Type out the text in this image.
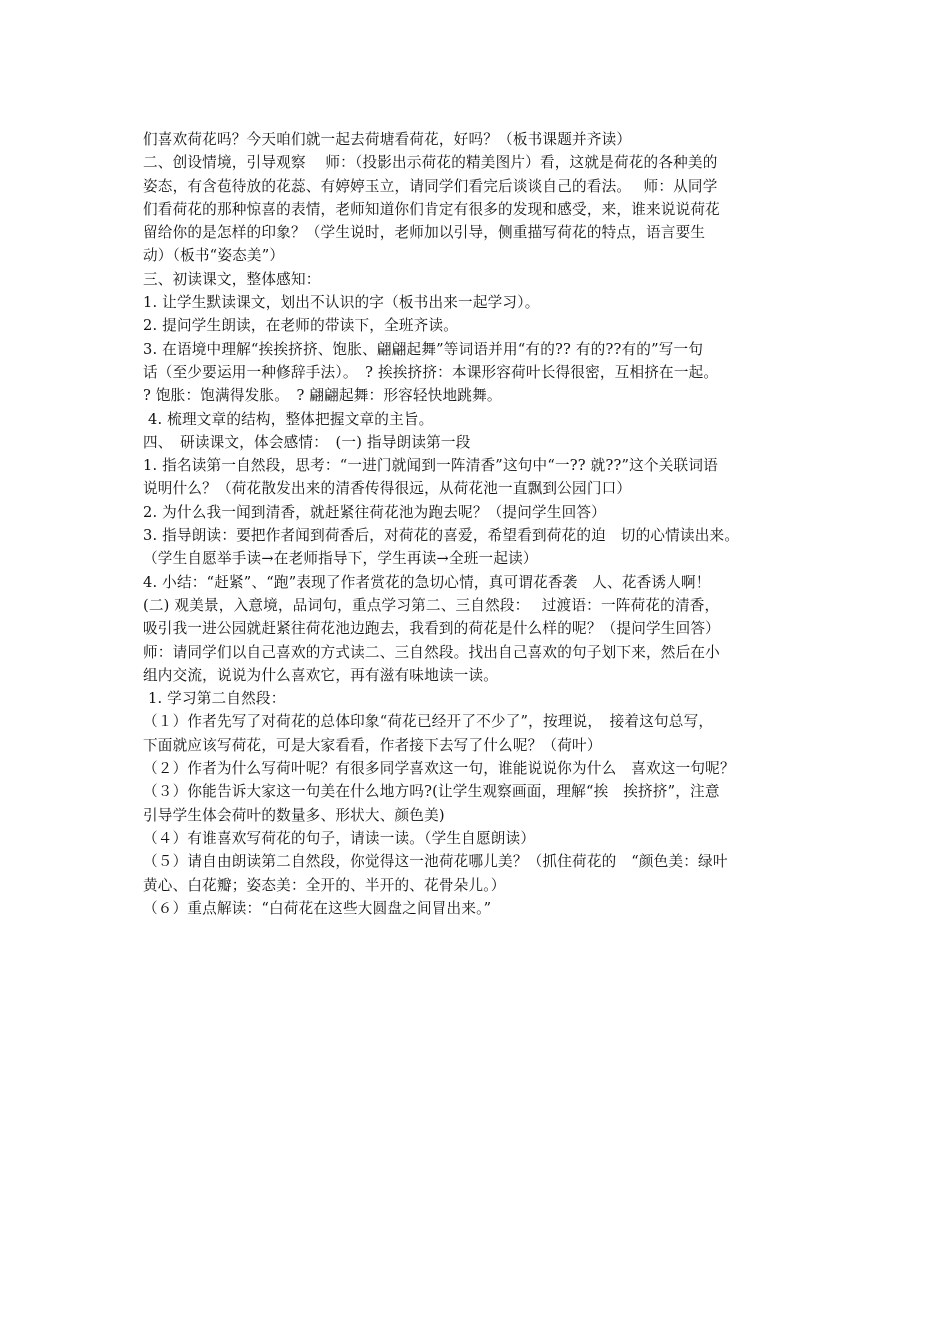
们喜欢荷花吗？今天咱们就一起去荷塘看荷花，好吗？（板书课题并齐读）
二、创设情境，引导观察　 师：（投影出示荷花的精美图片）看，这就是荷花的各种美的
姿态，有含苞待放的花蕊、有婷婷玉立，请同学们看完后谈谈自己的看法。　 师：从同学
们看荷花的那种惊喜的表情，老师知道你们肯定有很多的发现和感受，来，谁来说说荷花
留给你的是怎样的印象？（学生说时，老师加以引导，侧重描写荷花的特点，语言要生
动）（板书“姿态美”）
三、初读课文，整体感知：
1. 让学生默读课文，划出不认识的字（板书出来一起学习）。
2. 提问学生朗读，在老师的带读下，全班齐读。
3. 在语境中理解“挨挨挤挤、饱胀、翩翩起舞”等词语并用“有的?? 有的??有的”写一句
话（至少要运用一种修辞手法）。　? 挨挨挤挤：本课形容荷叶长得很密，互相挤在一起。
? 饱胀：饱满得发胀。　? 翩翩起舞：形容轻快地跳舞。
4. 梳理文章的结构，整体把握文章的主旨。
四、　研读课文，体会感情：　(一) 指导朗读第一段
1. 指名读第一自然段，思考：“一进门就闻到一阵清香”这句中“一?? 就??”这个关联词语
说明什么？（荷花散发出来的清香传得很远，从荷花池一直飘到公园门口）
2. 为什么我一闻到清香，就赶紧往荷花池为跑去呢？（提问学生回答）
3. 指导朗读：要把作者闻到荷香后，对荷花的喜爱，希望看到荷花的迫　切的心情读出来。
（学生自愿举手读→在老师指导下，学生再读→全班一起读）
4. 小结：“赶紧”、“跑”表现了作者赏花的急切心情，真可谓花香袭　人、花香诱人啊！
(二) 观美景，入意境，品词句，重点学习第二、三自然段：　 过渡语：一阵荷花的清香，
吸引我一进公园就赶紧往荷花池边跑去，我看到的荷花是什么样的呢？（提问学生回答）
师：请同学们以自己喜欢的方式读二、三自然段。找出自己喜欢的句子划下来，然后在小
组内交流，说说为什么喜欢它，再有滋有味地读一读。
1. 学习第二自然段：
（１）作者先写了对荷花的总体印象“荷花已经开了不少了”，按理说，　接着这句总写，
下面就应该写荷花，可是大家看看，作者接下去写了什么呢？（荷叶）
（２）作者为什么写荷叶呢？有很多同学喜欢这一句，谁能说说你为什么　喜欢这一句呢？
（３）你能告诉大家这一句美在什么地方吗?(让学生观察画面，理解“挨　挨挤挤”，注意
引导学生体会荷叶的数量多、形状大、颜色美)
（４）有谁喜欢写荷花的句子，请读一读。（学生自愿朗读）
（５）请自由朗读第二自然段，你觉得这一池荷花哪儿美？（抓住荷花的　“颜色美：绿叶
黄心、白花瓣；姿态美：全开的、半开的、花骨朵儿。）
（６）重点解读：“白荷花在这些大圆盘之间冒出来。”
